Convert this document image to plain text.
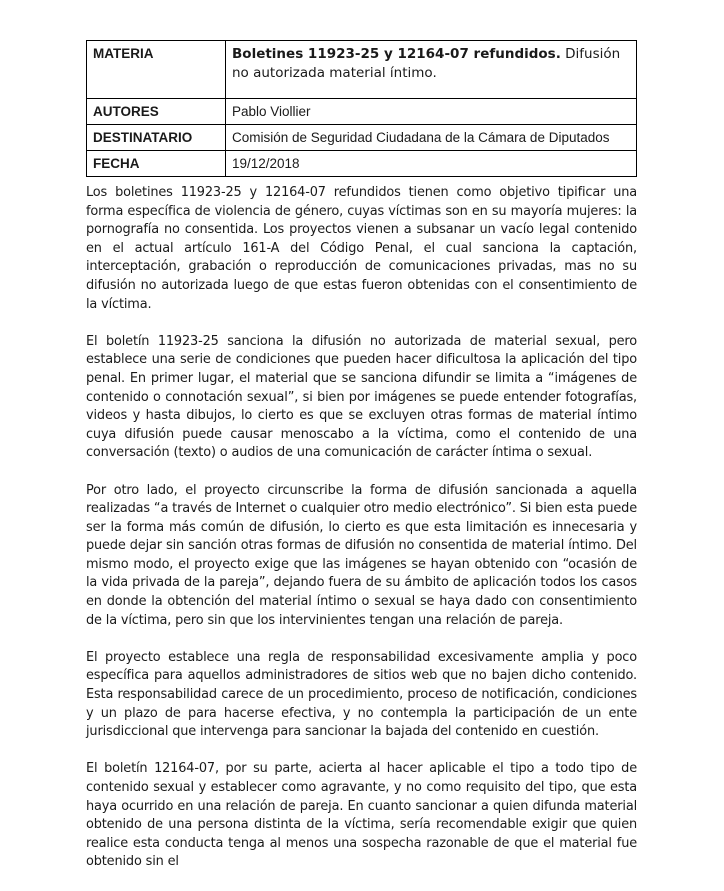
MATERIA	Boletines 11923-25 y 12164-07 refundidos. Difusión no autorizada material íntimo.
AUTORES	Pablo Viollier
DESTINATARIO	Comisión de Seguridad Ciudadana de la Cámara de Diputados
FECHA	19/12/2018

Los boletines 11923-25 y 12164-07 refundidos tienen como objetivo tipificar una forma específica de violencia de género, cuyas víctimas son en su mayoría mujeres: la pornografía no consentida. Los proyectos vienen a subsanar un vacío legal contenido en el actual artículo 161-A del Código Penal, el cual sanciona la captación, interceptación, grabación o reproducción de comunicaciones privadas, mas no su difusión no autorizada luego de que estas fueron obtenidas con el consentimiento de la víctima.

El boletín 11923-25 sanciona la difusión no autorizada de material sexual, pero establece una serie de condiciones que pueden hacer dificultosa la aplicación del tipo penal. En primer lugar, el material que se sanciona difundir se limita a “imágenes de contenido o connotación sexual”, si bien por imágenes se puede entender fotografías, videos y hasta dibujos, lo cierto es que se excluyen otras formas de material íntimo cuya difusión puede causar menoscabo a la víctima, como el contenido de una conversación (texto) o audios de una comunicación de carácter íntima o sexual.

Por otro lado, el proyecto circunscribe la forma de difusión sancionada a aquella realizadas “a través de Internet o cualquier otro medio electrónico”. Si bien esta puede ser la forma más común de difusión, lo cierto es que esta limitación es innecesaria y puede dejar sin sanción otras formas de difusión no consentida de material íntimo. Del mismo modo, el proyecto exige que las imágenes se hayan obtenido con “ocasión de la vida privada de la pareja”, dejando fuera de su ámbito de aplicación todos los casos en donde la obtención del material íntimo o sexual se haya dado con consentimiento de la víctima, pero sin que los intervinientes tengan una relación de pareja.

El proyecto establece una regla de responsabilidad excesivamente amplia y poco específica para aquellos administradores de sitios web que no bajen dicho contenido. Esta responsabilidad carece de un procedimiento, proceso de notificación, condiciones y un plazo de para hacerse efectiva, y no contempla la participación de un ente jurisdiccional que intervenga para sancionar la bajada del contenido en cuestión.

El boletín 12164-07, por su parte, acierta al hacer aplicable el tipo a todo tipo de contenido sexual y establecer como agravante, y no como requisito del tipo, que esta haya ocurrido en una relación de pareja. En cuanto sancionar a quien difunda material obtenido de una persona distinta de la víctima, sería recomendable exigir que quien realice esta conducta tenga al menos una sospecha razonable de que el material fue obtenido sin el
